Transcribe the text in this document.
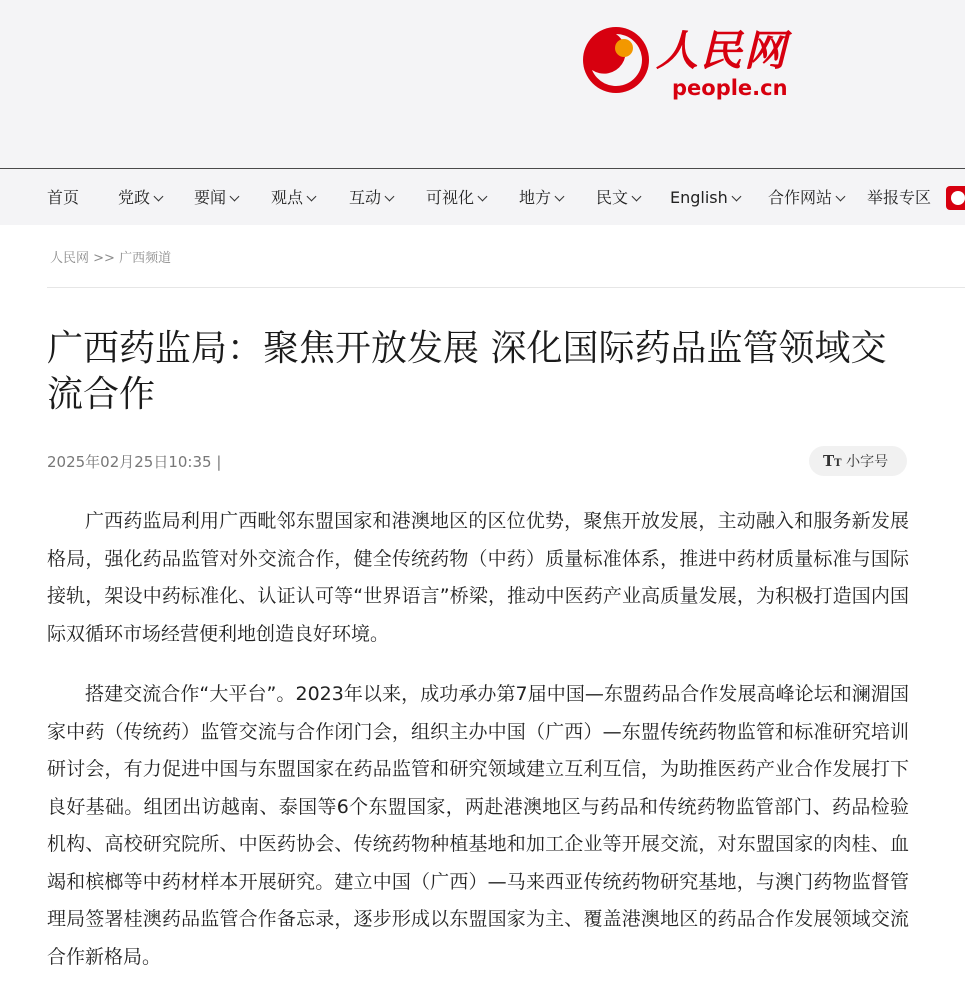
人民网
people.cn
首页 党政	要闻	观点	互动	可视化	地方	民文	English	合作网站	举报专区
人民网 >> 广西频道
广西药监局：聚焦开放发展 深化国际药品监管领域交流合作
2025年02月25日10:35 |	TT 小字号

广西药监局利用广西毗邻东盟国家和港澳地区的区位优势，聚焦开放发展，主动融入和服务新发展格局，强化药品监管对外交流合作，健全传统药物（中药）质量标准体系，推进中药材质量标准与国际接轨，架设中药标准化、认证认可等“世界语言”桥梁，推动中医药产业高质量发展，为积极打造国内国际双循环市场经营便利地创造良好环境。

搭建交流合作“大平台”。2023年以来，成功承办第7届中国—东盟药品合作发展高峰论坛和澜湄国家中药（传统药）监管交流与合作闭门会，组织主办中国（广西）—东盟传统药物监管和标准研究培训研讨会，有力促进中国与东盟国家在药品监管和研究领域建立互利互信，为助推医药产业合作发展打下良好基础。组团出访越南、泰国等6个东盟国家，两赴港澳地区与药品和传统药物监管部门、药品检验机构、高校研究院所、中医药协会、传统药物种植基地和加工企业等开展交流，对东盟国家的肉桂、血竭和槟榔等中药材样本开展研究。建立中国（广西）—马来西亚传统药物研究基地，与澳门药物监督管理局签署桂澳药品监管合作备忘录，逐步形成以东盟国家为主、覆盖港澳地区的药品合作发展领域交流合作新格局。
